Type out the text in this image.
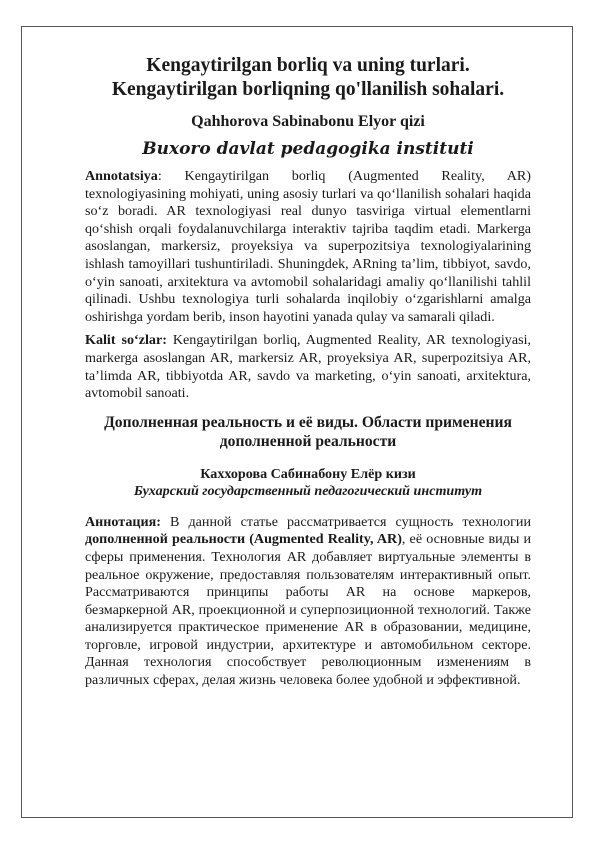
Kengaytirilgan borliq va uning turlari. Kengaytirilgan borliqning qo'llanilish sohalari.
Qahhorova Sabinabonu Elyor qizi
Buxoro davlat pedagogika instituti

Annotatsiya: Kengaytirilgan borliq (Augmented Reality, AR) texnologiyasining mohiyati, uning asosiy turlari va qo‘llanilish sohalari haqida so‘z boradi. AR texnologiyasi real dunyo tasviriga virtual elementlarni qo‘shish orqali foydalanuvchilarga interaktiv tajriba taqdim etadi. Markerga asoslangan, markersiz, proyeksiya va superpozitsiya texnologiyalarining ishlash tamoyillari tushuntiriladi. Shuningdek, ARning ta’lim, tibbiyot, savdo, o‘yin sanoati, arxitektura va avtomobil sohalaridagi amaliy qo‘llanilishi tahlil qilinadi. Ushbu texnologiya turli sohalarda inqilobiy o‘zgarishlarni amalga oshirishga yordam berib, inson hayotini yanada qulay va samarali qiladi.

Kalit so‘zlar: Kengaytirilgan borliq, Augmented Reality, AR texnologiyasi, markerga asoslangan AR, markersiz AR, proyeksiya AR, superpozitsiya AR, ta’limda AR, tibbiyotda AR, savdo va marketing, o‘yin sanoati, arxitektura, avtomobil sanoati.

Дополненная реальность и её виды. Области применения дополненной реальности
Каххорова Сабинабону Елёр кизи
Бухарский государственный педагогический институт

Аннотация: В данной статье рассматривается сущность технологии дополненной реальности (Augmented Reality, AR), её основные виды и сферы применения. Технология AR добавляет виртуальные элементы в реальное окружение, предоставляя пользователям интерактивный опыт. Рассматриваются принципы работы AR на основе маркеров, безмаркерной AR, проекционной и суперпозиционной технологий. Также анализируется практическое применение AR в образовании, медицине, торговле, игровой индустрии, архитектуре и автомобильном секторе. Данная технология способствует революционным изменениям в различных сферах, делая жизнь человека более удобной и эффективной.
